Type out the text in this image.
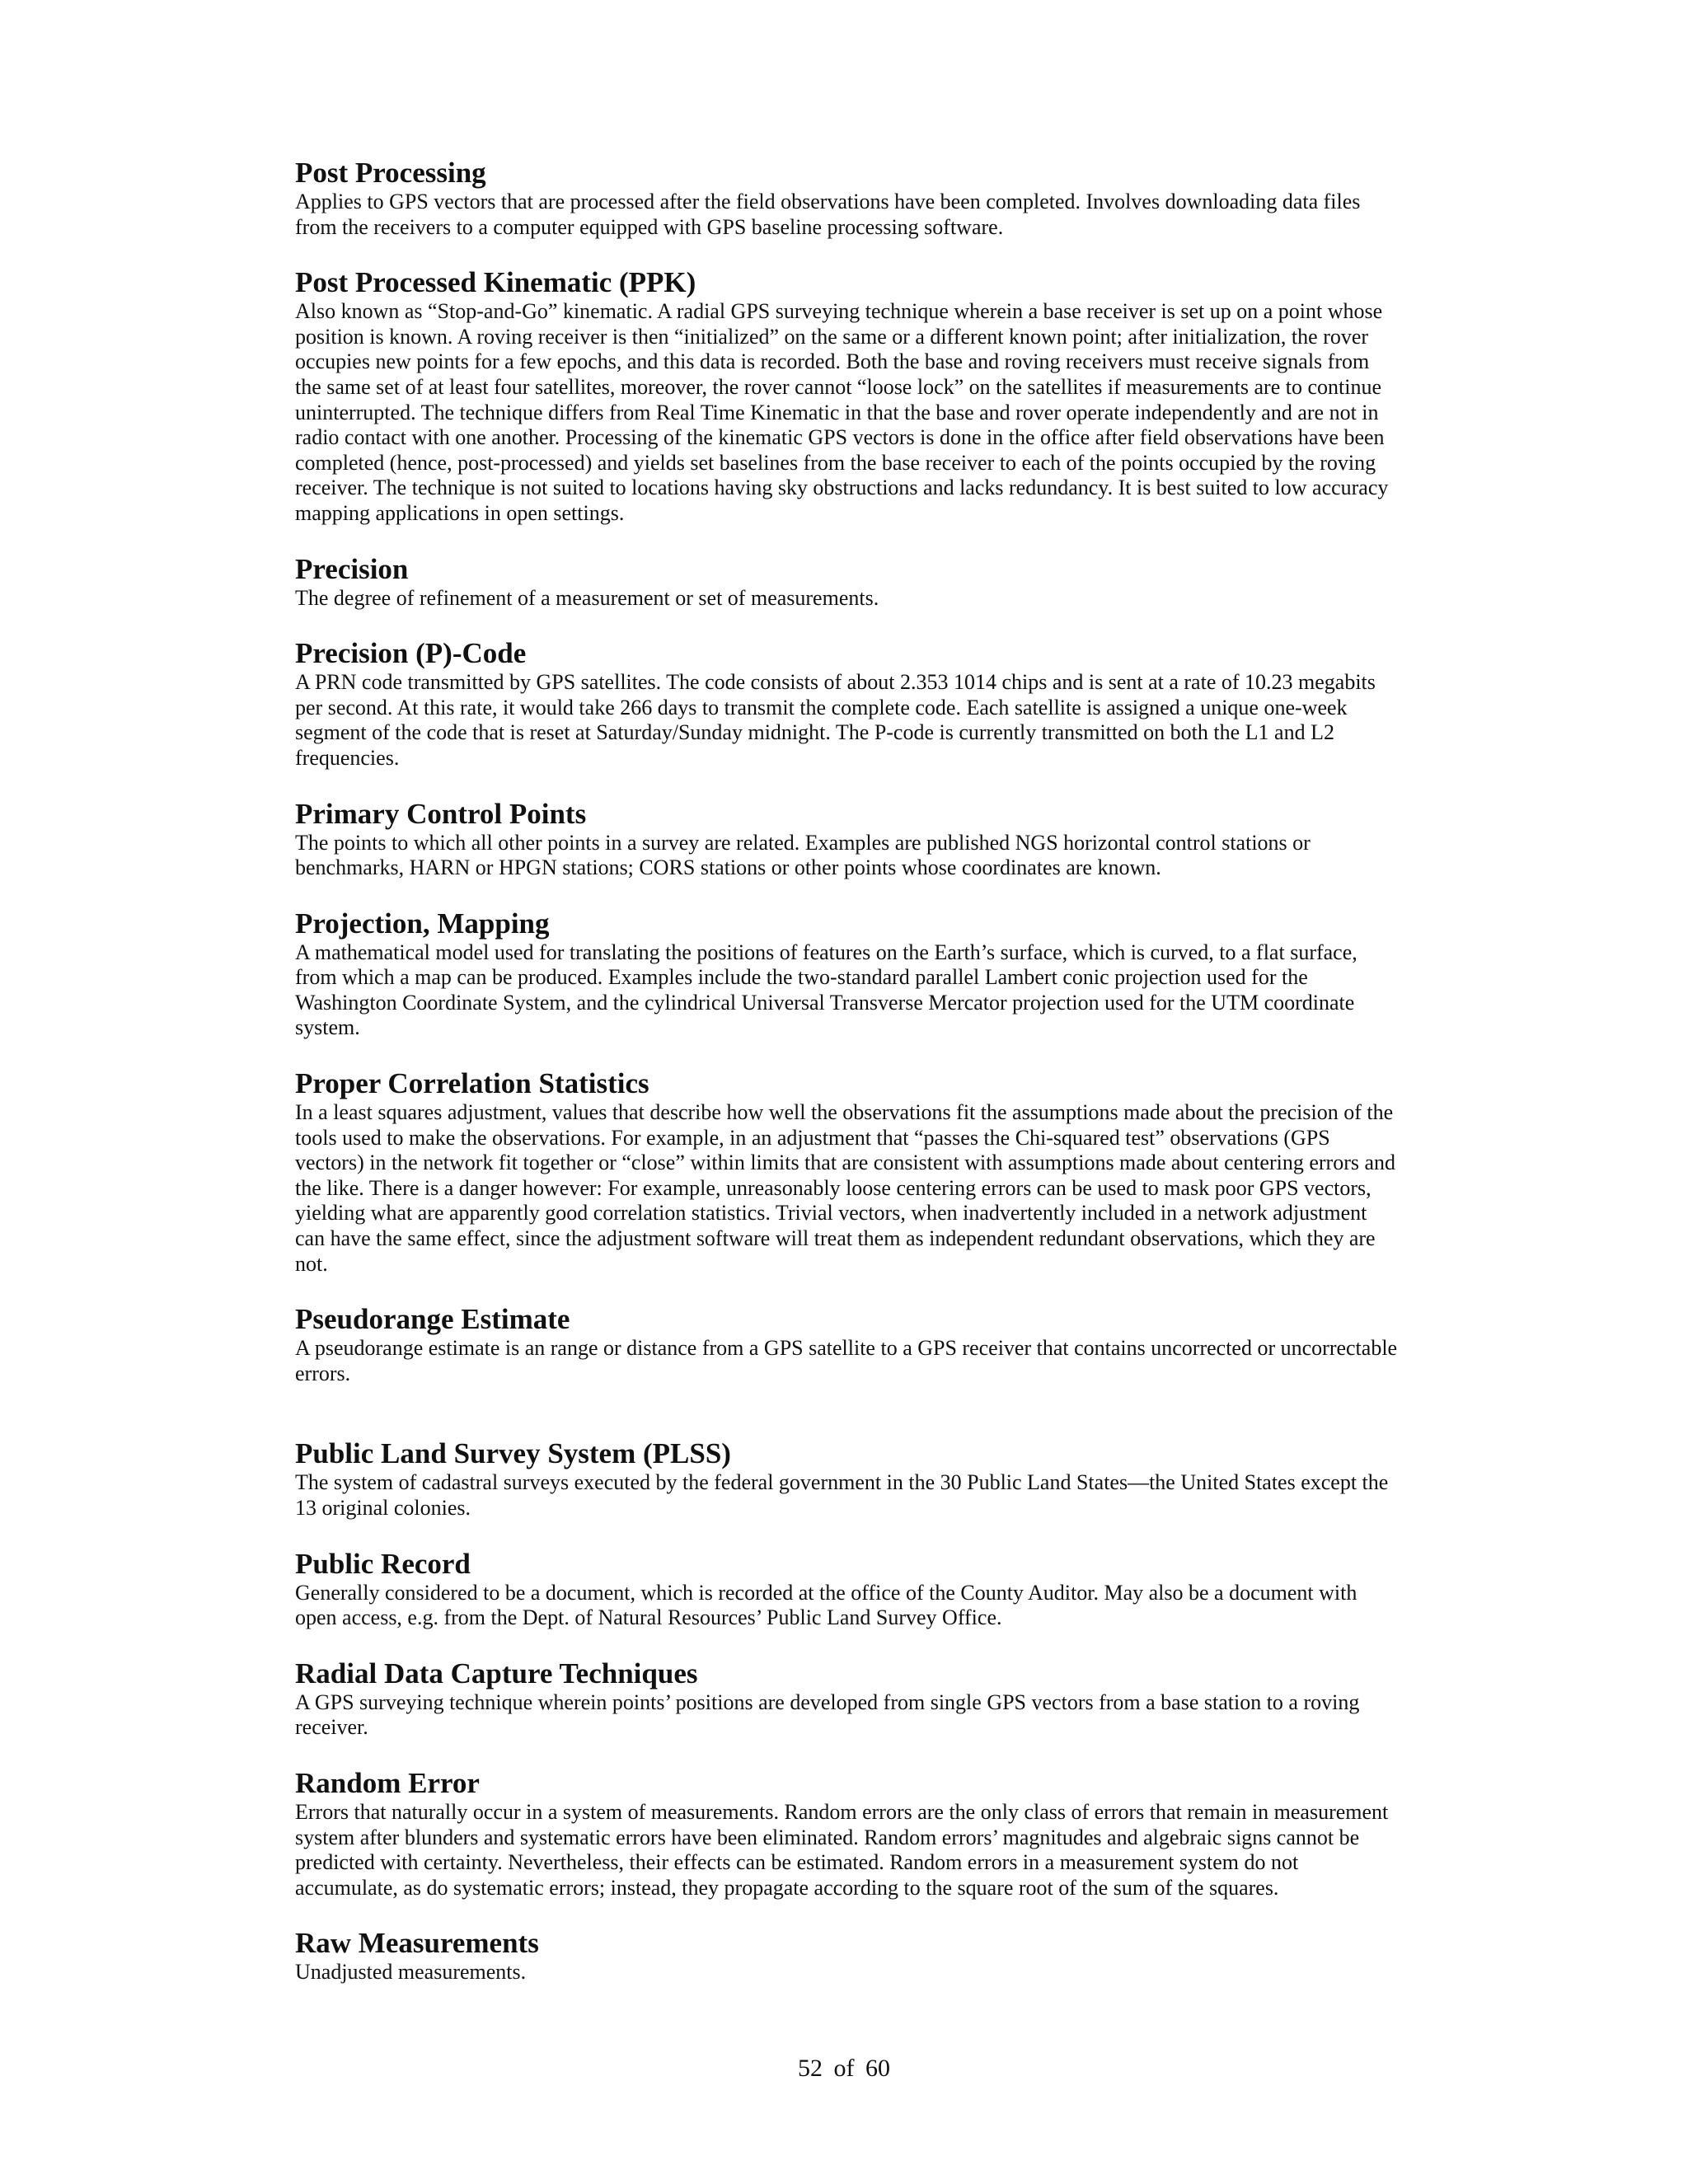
Post Processing

Applies to GPS vectors that are processed after the field observations have been completed. Involves downloading data files from the receivers to a computer equipped with GPS baseline processing software.

Post Processed Kinematic (PPK)

Also known as “Stop-and-Go” kinematic. A radial GPS surveying technique wherein a base receiver is set up on a point whose position is known. A roving receiver is then “initialized” on the same or a different known point; after initialization, the rover occupies new points for a few epochs, and this data is recorded. Both the base and roving receivers must receive signals from the same set of at least four satellites, moreover, the rover cannot “loose lock” on the satellites if measurements are to continue uninterrupted. The technique differs from Real Time Kinematic in that the base and rover operate independently and are not in radio contact with one another. Processing of the kinematic GPS vectors is done in the office after field observations have been completed (hence, post-processed) and yields set baselines from the base receiver to each of the points occupied by the roving receiver. The technique is not suited to locations having sky obstructions and lacks redundancy. It is best suited to low accuracy mapping applications in open settings.

Precision

The degree of refinement of a measurement or set of measurements.

Precision (P)-Code

A PRN code transmitted by GPS satellites. The code consists of about 2.353 1014 chips and is sent at a rate of 10.23 megabits per second. At this rate, it would take 266 days to transmit the complete code. Each satellite is assigned a unique one-week segment of the code that is reset at Saturday/Sunday midnight. The P-code is currently transmitted on both the L1 and L2 frequencies.

Primary Control Points

The points to which all other points in a survey are related. Examples are published NGS horizontal control stations or benchmarks, HARN or HPGN stations; CORS stations or other points whose coordinates are known.

Projection, Mapping

A mathematical model used for translating the positions of features on the Earth’s surface, which is curved, to a flat surface, from which a map can be produced. Examples include the two-standard parallel Lambert conic projection used for the Washington Coordinate System, and the cylindrical Universal Transverse Mercator projection used for the UTM coordinate system.

Proper Correlation Statistics

In a least squares adjustment, values that describe how well the observations fit the assumptions made about the precision of the tools used to make the observations. For example, in an adjustment that “passes the Chi-squared test” observations (GPS vectors) in the network fit together or “close” within limits that are consistent with assumptions made about centering errors and the like. There is a danger however: For example, unreasonably loose centering errors can be used to mask poor GPS vectors, yielding what are apparently good correlation statistics. Trivial vectors, when inadvertently included in a network adjustment can have the same effect, since the adjustment software will treat them as independent redundant observations, which they are not.

Pseudorange Estimate

A pseudorange estimate is an range or distance from a GPS satellite to a GPS receiver that contains uncorrected or uncorrectable errors.

Public Land Survey System (PLSS)

The system of cadastral surveys executed by the federal government in the 30 Public Land States—the United States except the 13 original colonies.

Public Record

Generally considered to be a document, which is recorded at the office of the County Auditor. May also be a document with open access, e.g. from the Dept. of Natural Resources’ Public Land Survey Office.

Radial Data Capture Techniques

A GPS surveying technique wherein points’ positions are developed from single GPS vectors from a base station to a roving receiver.

Random Error

Errors that naturally occur in a system of measurements. Random errors are the only class of errors that remain in measurement system after blunders and systematic errors have been eliminated. Random errors’ magnitudes and algebraic signs cannot be predicted with certainty. Nevertheless, their effects can be estimated. Random errors in a measurement system do not accumulate, as do systematic errors; instead, they propagate according to the square root of the sum of the squares.

Raw Measurements

Unadjusted measurements.

52 of 60
